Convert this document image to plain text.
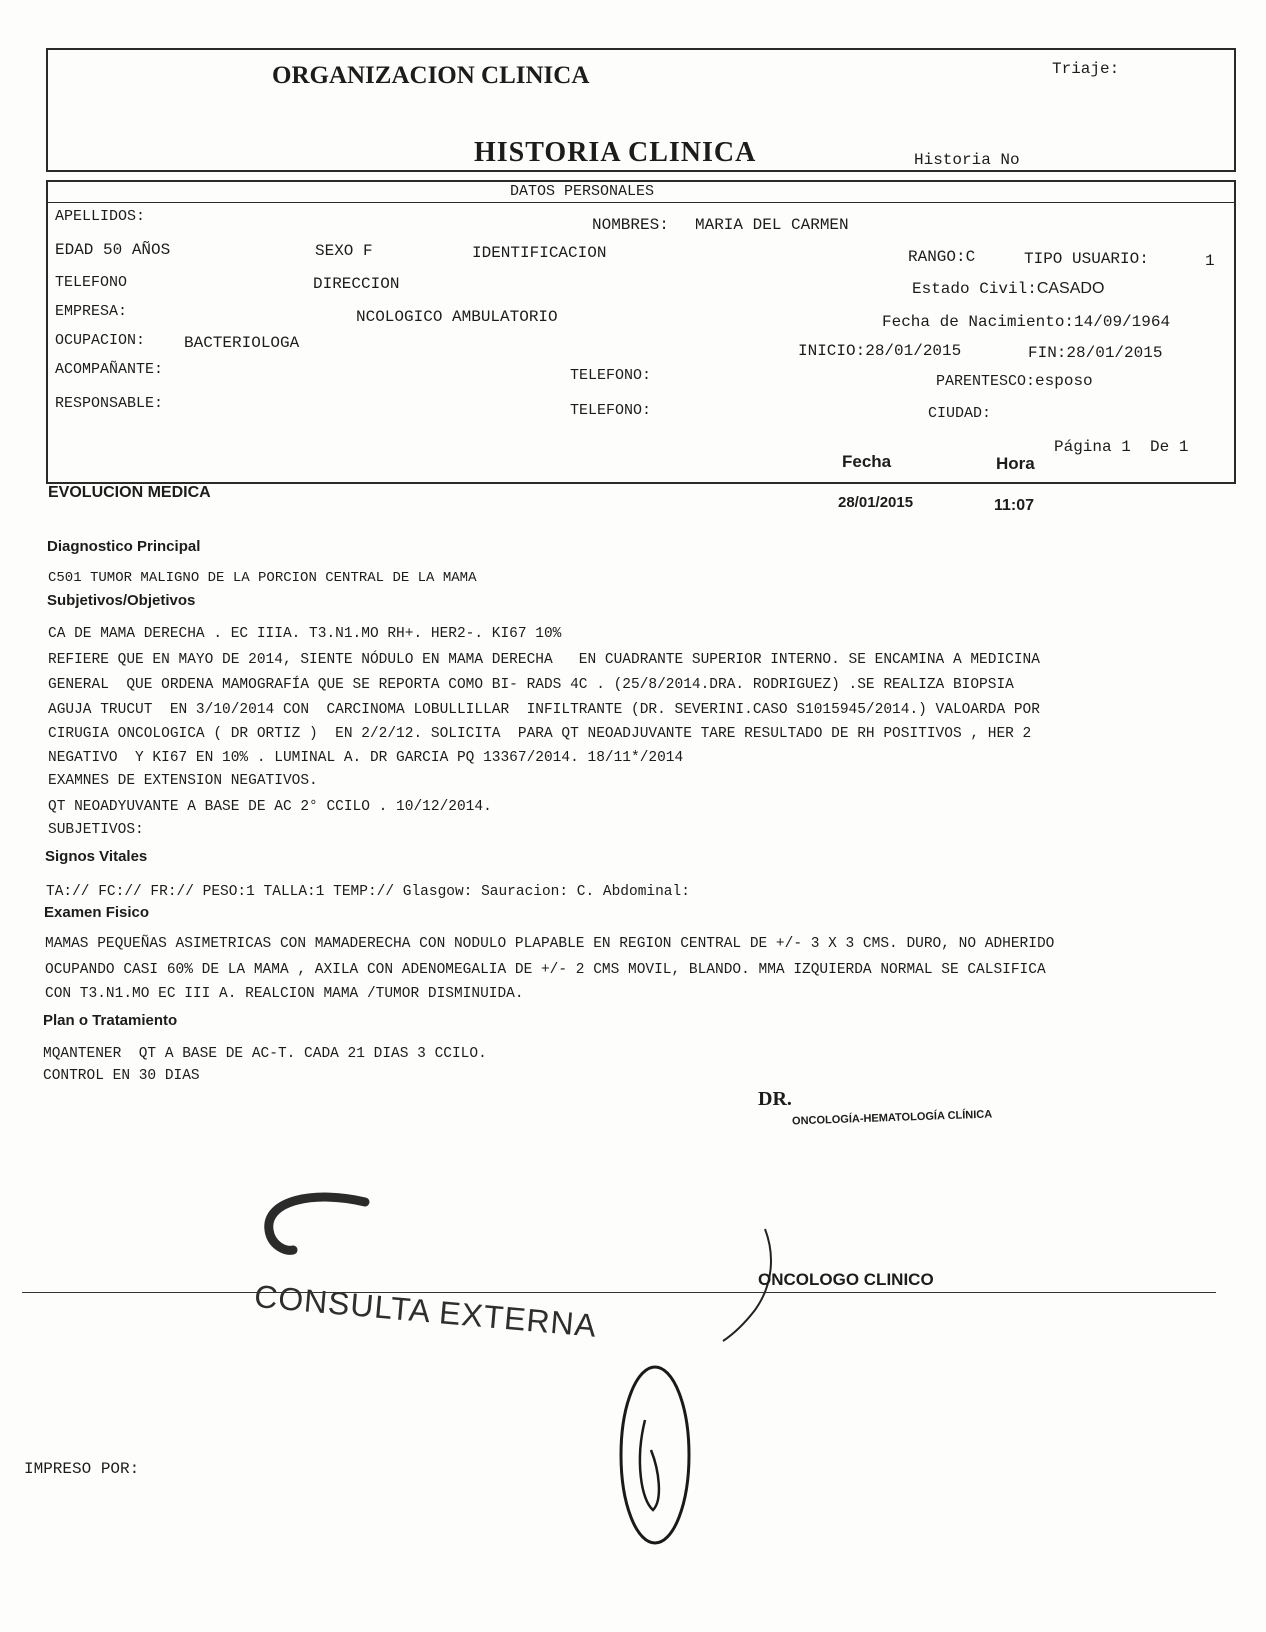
ORGANIZACION CLINICA	Triaje:
HISTORIA CLINICA	Historia No
DATOS PERSONALES
APELLIDOS:	NOMBRES: MARIA DEL CARMEN
EDAD 50 AÑOS	SEXO F	IDENTIFICACION	RANGO:C	TIPO USUARIO:	1
TELEFONO	DIRECCION	Estado Civil:CASADO
EMPRESA:	NCOLOGICO AMBULATORIO	Fecha de Nacimiento:14/09/1964
OCUPACION: BACTERIOLOGA	INICIO:28/01/2015	FIN:28/01/2015
ACOMPAÑANTE:	TELEFONO:	PARENTESCO:esposo
RESPONSABLE:	TELEFONO:	CIUDAD:
Página 1  De 1
Fecha	Hora
EVOLUCION MEDICA
28/01/2015	11:07
Diagnostico Principal
C501 TUMOR MALIGNO DE LA PORCION CENTRAL DE LA MAMA
Subjetivos/Objetivos
CA DE MAMA DERECHA . EC IIIA. T3.N1.MO RH+. HER2-. KI67 10%
REFIERE QUE EN MAYO DE 2014, SIENTE NÓDULO EN MAMA DERECHA   EN CUADRANTE SUPERIOR INTERNO. SE ENCAMINA A MEDICINA
GENERAL  QUE ORDENA MAMOGRAFÍA QUE SE REPORTA COMO BI- RADS 4C . (25/8/2014.DRA. RODRIGUEZ) .SE REALIZA BIOPSIA
AGUJA TRUCUT  EN 3/10/2014 CON  CARCINOMA LOBULLILLAR  INFILTRANTE (DR. SEVERINI.CASO S1015945/2014.) VALOARDA POR
CIRUGIA ONCOLOGICA ( DR ORTIZ )  EN 2/2/12. SOLICITA  PARA QT NEOADJUVANTE TARE RESULTADO DE RH POSITIVOS , HER 2
NEGATIVO  Y KI67 EN 10% . LUMINAL A. DR GARCIA PQ 13367/2014. 18/11*/2014
EXAMNES DE EXTENSION NEGATIVOS.
QT NEOADYUVANTE A BASE DE AC 2° CCILO . 10/12/2014.
SUBJETIVOS:
Signos Vitales
TA:// FC:// FR:// PESO:1 TALLA:1 TEMP:// Glasgow: Sauracion: C. Abdominal:
Examen Fisico
MAMAS PEQUEÑAS ASIMETRICAS CON MAMADERECHA CON NODULO PLAPABLE EN REGION CENTRAL DE +/- 3 X 3 CMS. DURO, NO ADHERIDO
OCUPANDO CASI 60% DE LA MAMA , AXILA CON ADENOMEGALIA DE +/- 2 CMS MOVIL, BLANDO. MMA IZQUIERDA NORMAL SE CALSIFICA
CON T3.N1.MO EC III A. REALCION MAMA /TUMOR DISMINUIDA.
Plan o Tratamiento
MQANTENER  QT A BASE DE AC-T. CADA 21 DIAS 3 CCILO.
CONTROL EN 30 DIAS
DR.
ONCOLOGÍA-HEMATOLOGÍA CLÍNICA
CONSULTA EXTERNA	ONCOLOGO CLINICO
IMPRESO POR:
